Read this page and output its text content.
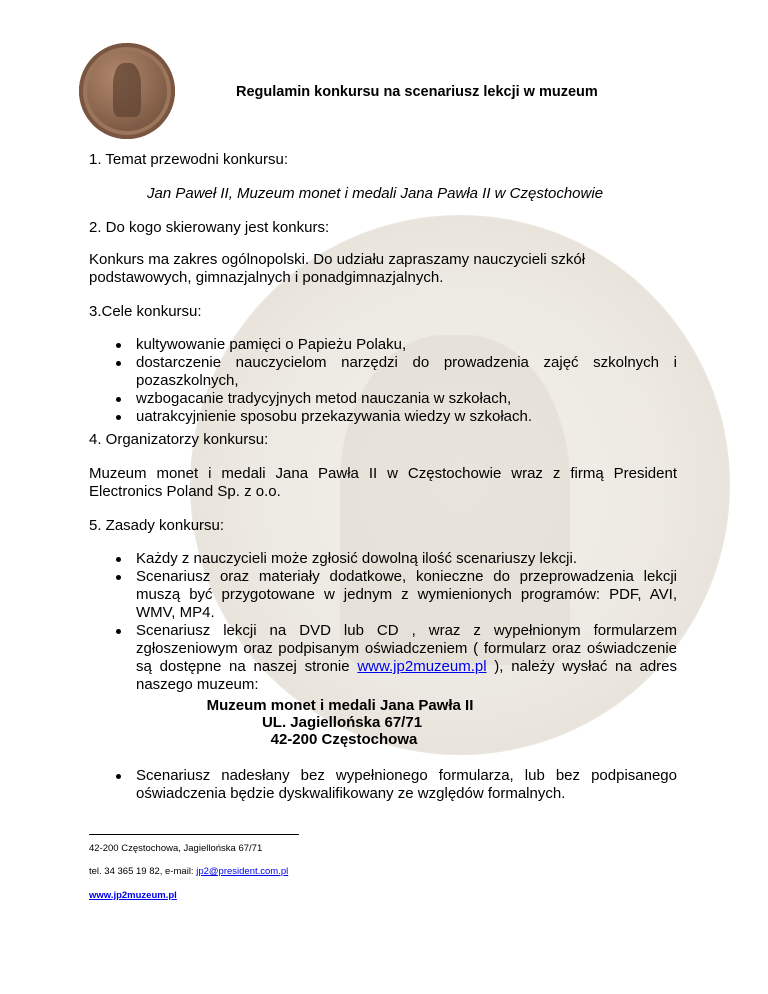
Regulamin konkursu na scenariusz lekcji w muzeum

1. Temat przewodni konkursu:

Jan Paweł II, Muzeum monet i medali Jana Pawła II w Częstochowie

2. Do kogo skierowany jest konkurs:

Konkurs ma zakres ogólnopolski. Do udziału zapraszamy nauczycieli szkół podstawowych, gimnazjalnych i ponadgimnazjalnych.

3.Cele konkursu:

kultywowanie pamięci o Papieżu Polaku,
dostarczenie nauczycielom narzędzi do prowadzenia zajęć szkolnych i pozaszkolnych,
wzbogacanie tradycyjnych metod nauczania w szkołach,
uatrakcyjnienie sposobu przekazywania wiedzy w szkołach.

4. Organizatorzy konkursu:

Muzeum monet i medali Jana Pawła II w Częstochowie wraz z firmą President Electronics Poland Sp. z o.o.

5. Zasady konkursu:

Każdy z nauczycieli może zgłosić dowolną ilość scenariuszy lekcji.
Scenariusz oraz materiały dodatkowe, konieczne do przeprowadzenia lekcji muszą być przygotowane w jednym z wymienionych programów: PDF, AVI, WMV, MP4.
Scenariusz lekcji na DVD lub CD , wraz z wypełnionym formularzem zgłoszeniowym oraz podpisanym oświadczeniem ( formularz oraz oświadczenie są dostępne na naszej stronie www.jp2muzeum.pl ), należy wysłać na adres naszego muzeum:
Muzeum monet i medali Jana Pawła II
UL. Jagiellońska 67/71
42-200 Częstochowa
Scenariusz nadesłany bez wypełnionego formularza, lub bez podpisanego oświadczenia będzie dyskwalifikowany ze względów formalnych.

42-200 Częstochowa, Jagiellońska 67/71

tel. 34 365 19 82, e-mail: jp2@president.com.pl

www.jp2muzeum.pl
